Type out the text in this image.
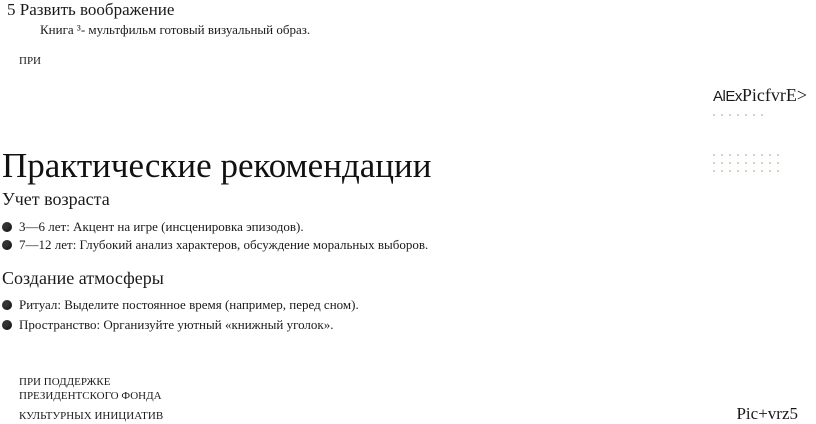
5 Развить воображение
Книга ³- мультфильм готовый визуальный образ.
ПРИ
AlExPicfvrE>
Практические рекомендации
Учет возраста
3—6 лет: Акцент на игре (инсценировка эпизодов).
7—12 лет: Глубокий анализ характеров, обсуждение моральных выборов.
Создание атмосферы
Ритуал: Выделите постоянное время (например, перед сном).
Пространство: Организуйте уютный «книжный уголок».
ПРИ ПОДДЕРЖКЕ
ПРЕЗИДЕНТСКОГО ФОНДА
КУЛЬТУРНЫХ ИНИЦИАТИВ	Pic+vrz5
